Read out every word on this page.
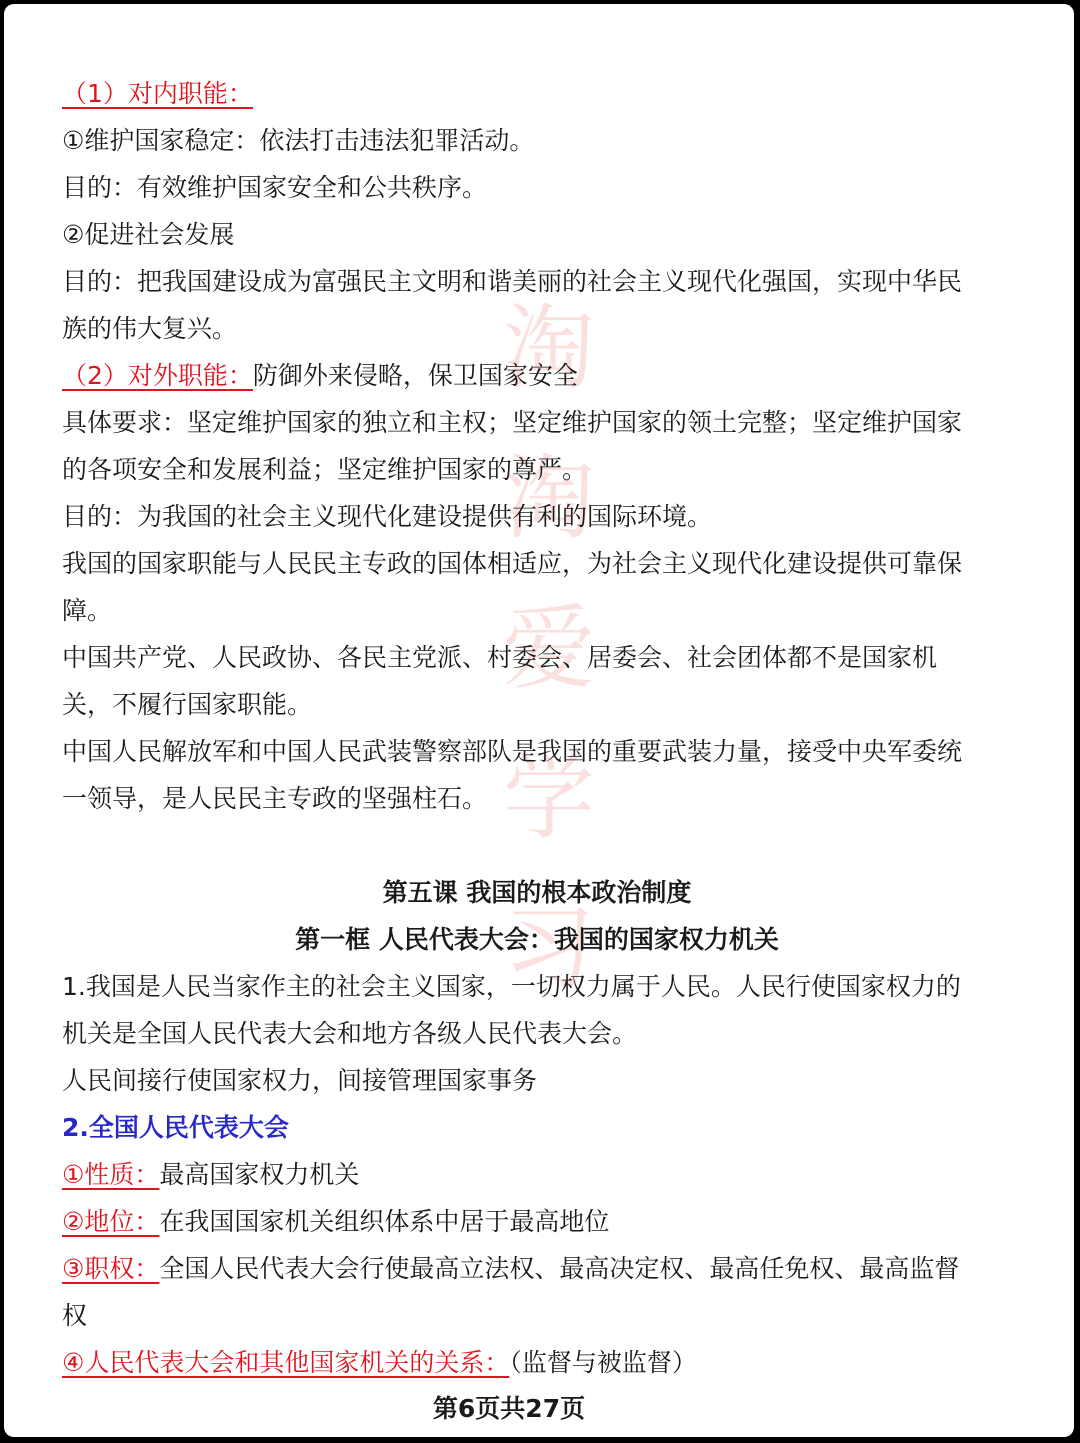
淘
淘
爱
学
习

（1）对内职能：

①维护国家稳定：依法打击违法犯罪活动。

目的：有效维护国家安全和公共秩序。

②促进社会发展

目的：把我国建设成为富强民主文明和谐美丽的社会主义现代化强国，实现中华民

族的伟大复兴。

（2）对外职能：防御外来侵略，保卫国家安全

具体要求：坚定维护国家的独立和主权；坚定维护国家的领土完整；坚定维护国家

的各项安全和发展利益；坚定维护国家的尊严。

目的：为我国的社会主义现代化建设提供有利的国际环境。

我国的国家职能与人民民主专政的国体相适应，为社会主义现代化建设提供可靠保

障。

中国共产党、人民政协、各民主党派、村委会、居委会、社会团体都不是国家机

关，不履行国家职能。

中国人民解放军和中国人民武装警察部队是我国的重要武装力量，接受中央军委统

一领导，是人民民主专政的坚强柱石。

第五课 我国的根本政治制度

第一框 人民代表大会：我国的国家权力机关

1.我国是人民当家作主的社会主义国家，一切权力属于人民。人民行使国家权力的

机关是全国人民代表大会和地方各级人民代表大会。

人民间接行使国家权力，间接管理国家事务

2.全国人民代表大会

①性质：最高国家权力机关

②地位：在我国国家机关组织体系中居于最高地位

③职权：全国人民代表大会行使最高立法权、最高决定权、最高任免权、最高监督

权

④人民代表大会和其他国家机关的关系：（监督与被监督）

第6页共27页
